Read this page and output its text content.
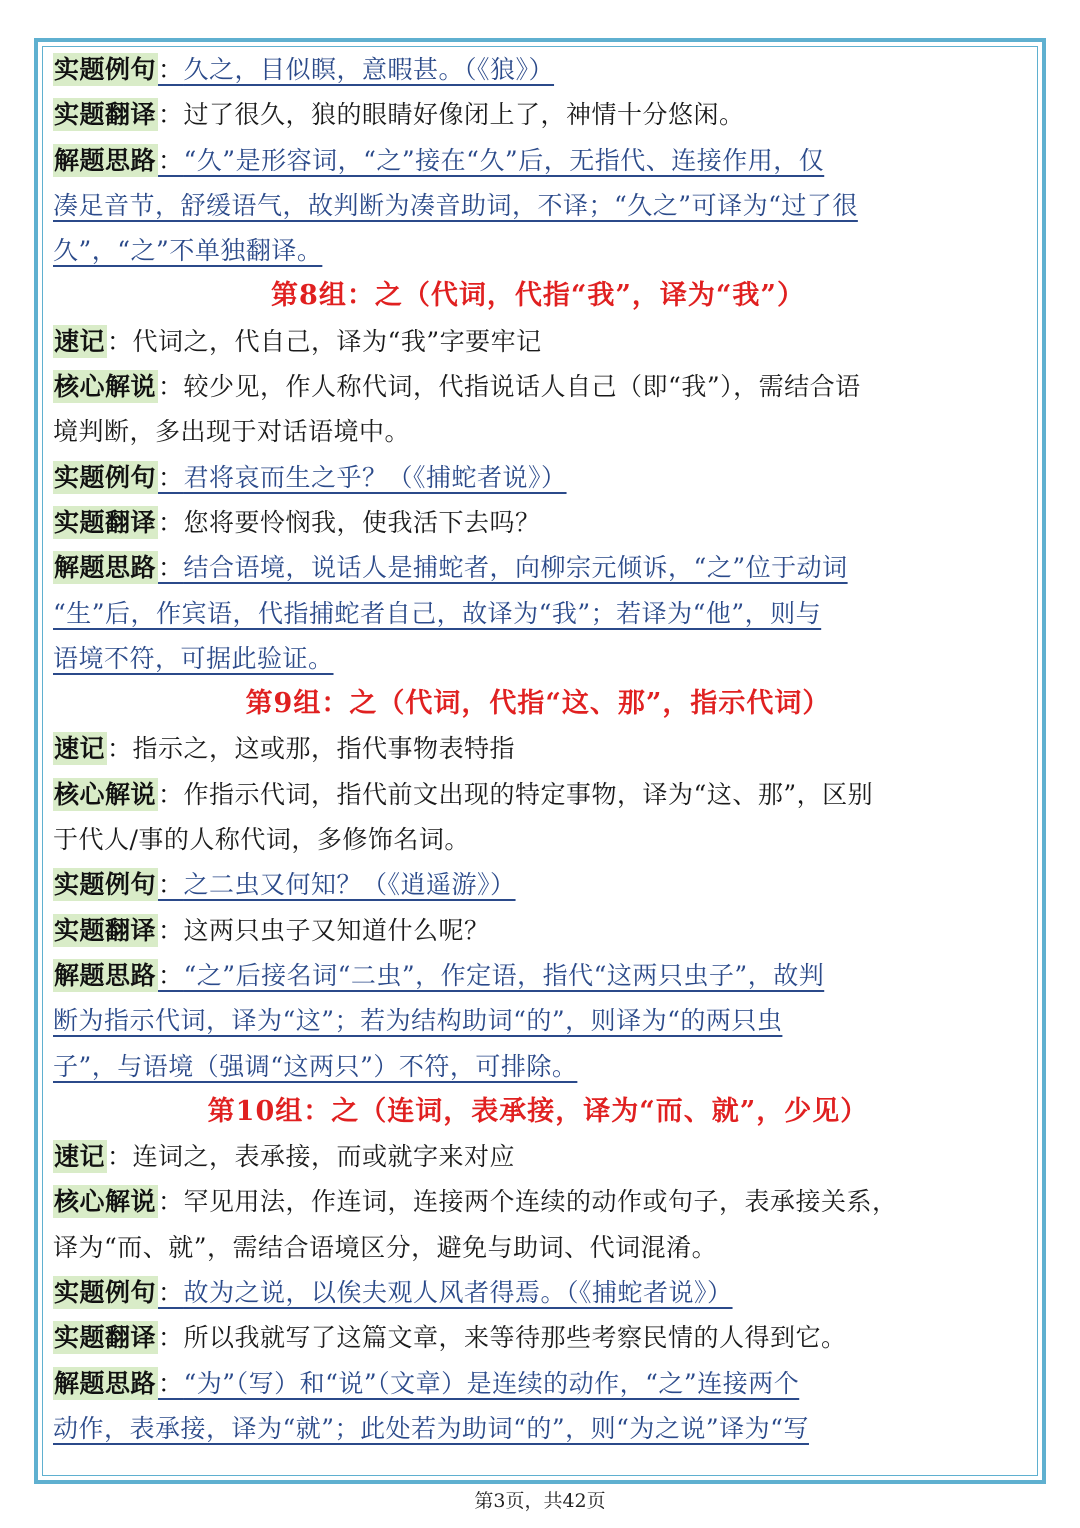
实题例句：久之，目似瞑，意暇甚。（《狼》）
实题翻译：过了很久，狼的眼睛好像闭上了，神情十分悠闲。
解题思路：“久”是形容词，“之”接在“久”后，无指代、连接作用，仅
凑足音节，舒缓语气，故判断为凑音助词，不译；“久之”可译为“过了很
久”，“之”不单独翻译。
第8组：之（代词，代指“我”，译为“我”）
速记：代词之，代自己，译为“我”字要牢记
核心解说：较少见，作人称代词，代指说话人自己（即“我”），需结合语
境判断，多出现于对话语境中。
实题例句：君将哀而生之乎？（《捕蛇者说》）
实题翻译：您将要怜悯我，使我活下去吗？
解题思路：结合语境，说话人是捕蛇者，向柳宗元倾诉，“之”位于动词
“生”后，作宾语，代指捕蛇者自己，故译为“我”；若译为“他”，则与
语境不符，可据此验证。
第9组：之（代词，代指“这、那”，指示代词）
速记：指示之，这或那，指代事物表特指
核心解说：作指示代词，指代前文出现的特定事物，译为“这、那”，区别
于代人/事的人称代词，多修饰名词。
实题例句：之二虫又何知？（《逍遥游》）
实题翻译：这两只虫子又知道什么呢？
解题思路：“之”后接名词“二虫”，作定语，指代“这两只虫子”，故判
断为指示代词，译为“这”；若为结构助词“的”，则译为“的两只虫
子”，与语境（强调“这两只”）不符，可排除。
第10组：之（连词，表承接，译为“而、就”，少见）
速记：连词之，表承接，而或就字来对应
核心解说：罕见用法，作连词，连接两个连续的动作或句子，表承接关系，
译为“而、就”，需结合语境区分，避免与助词、代词混淆。
实题例句：故为之说，以俟夫观人风者得焉。（《捕蛇者说》）
实题翻译：所以我就写了这篇文章，来等待那些考察民情的人得到它。
解题思路：“为”（写）和“说”（文章）是连续的动作，“之”连接两个
动作，表承接，译为“就”；此处若为助词“的”，则“为之说”译为“写
第3页，共42页
